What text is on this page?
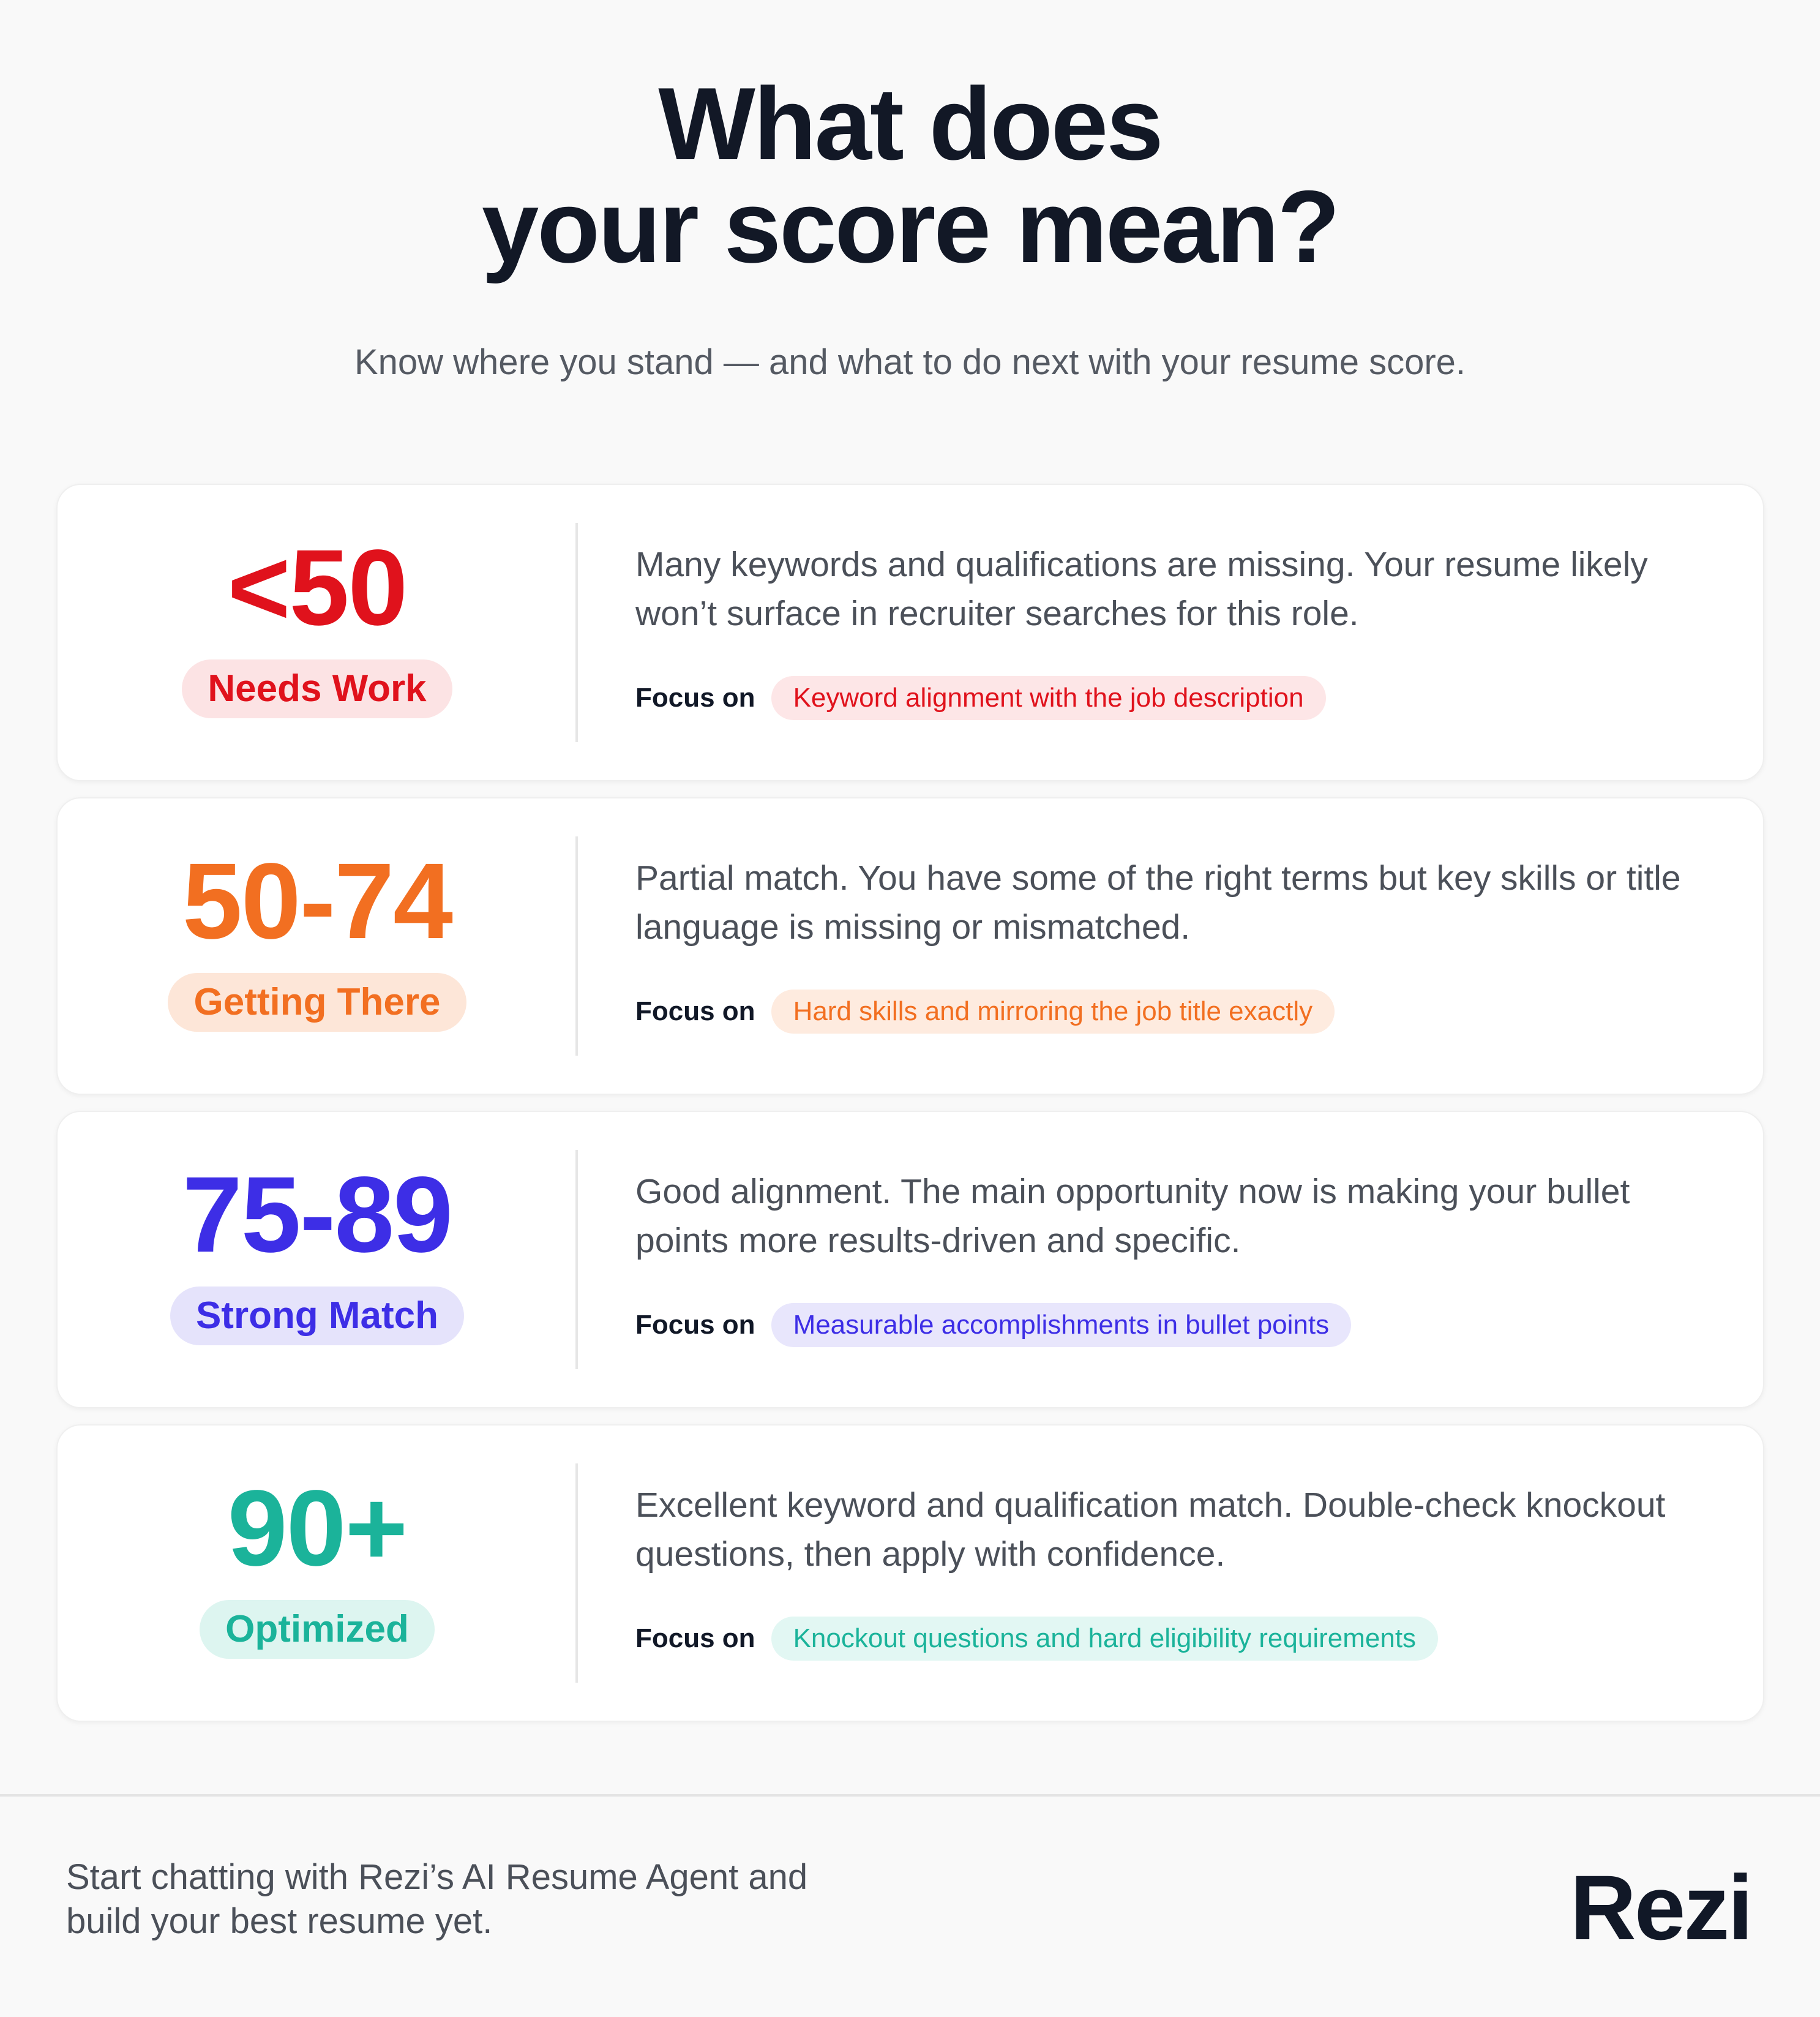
What does
your score mean?

Know where you stand — and what to do next with your resume score.

<50
Needs Work

Many keywords and qualifications are missing. Your resume likely won’t surface in recruiter searches for this role.

Focus on	Keyword alignment with the job description
50-74
Getting There

Partial match. You have some of the right terms but key skills or title language is missing or mismatched.

Focus on	Hard skills and mirroring the job title exactly
75-89
Strong Match

Good alignment. The main opportunity now is making your bullet points more results-driven and specific.

Focus on	Measurable accomplishments in bullet points
90+
Optimized

Excellent keyword and qualification match. Double-check knockout questions, then apply with confidence.

Focus on	Knockout questions and hard eligibility requirements

Start chatting with Rezi’s AI Resume Agent and build your best resume yet.	Rezi
